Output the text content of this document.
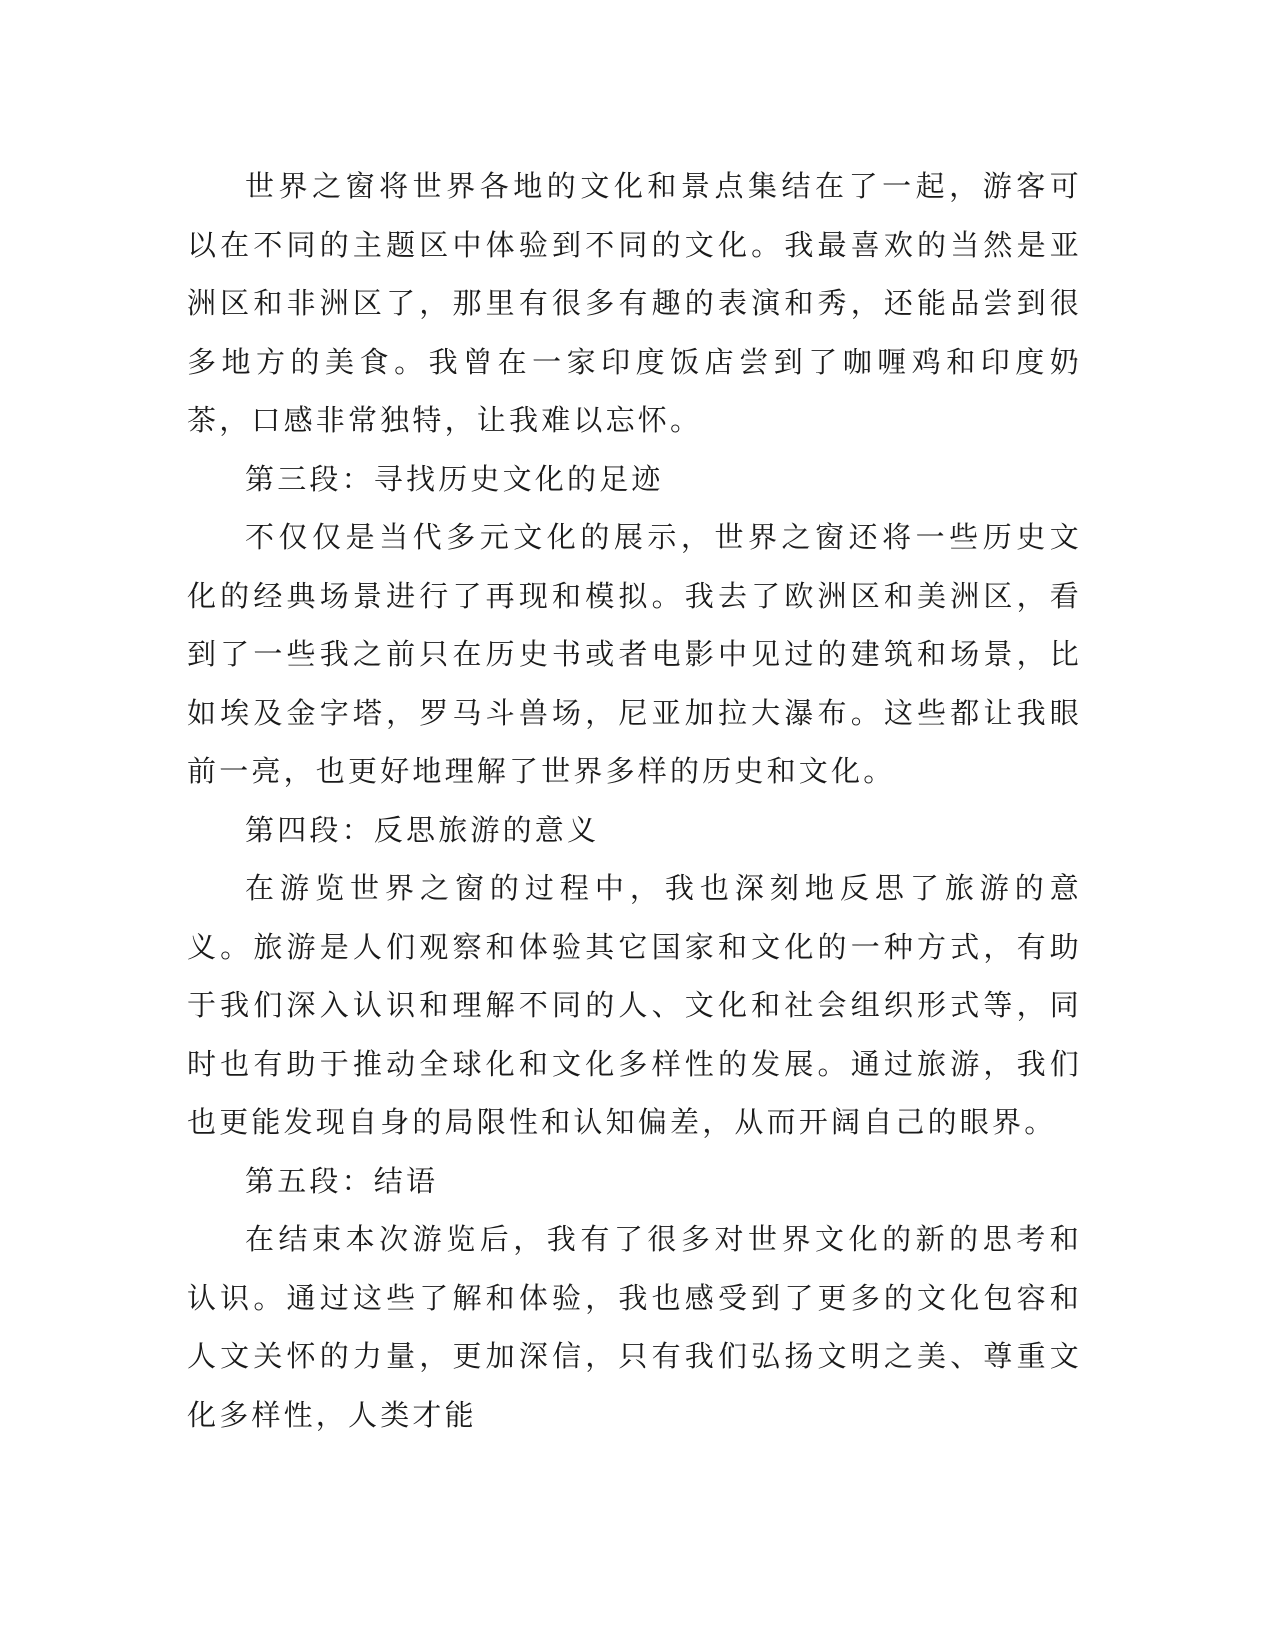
世界之窗将世界各地的文化和景点集结在了一起，游客可以在不同的主题区中体验到不同的文化。我最喜欢的当然是亚洲区和非洲区了，那里有很多有趣的表演和秀，还能品尝到很多地方的美食。我曾在一家印度饭店尝到了咖喱鸡和印度奶茶，口感非常独特，让我难以忘怀。

第三段：寻找历史文化的足迹

不仅仅是当代多元文化的展示，世界之窗还将一些历史文化的经典场景进行了再现和模拟。我去了欧洲区和美洲区，看到了一些我之前只在历史书或者电影中见过的建筑和场景，比如埃及金字塔，罗马斗兽场，尼亚加拉大瀑布。这些都让我眼前一亮，也更好地理解了世界多样的历史和文化。

第四段：反思旅游的意义

在游览世界之窗的过程中，我也深刻地反思了旅游的意义。旅游是人们观察和体验其它国家和文化的一种方式，有助于我们深入认识和理解不同的人、文化和社会组织形式等，同时也有助于推动全球化和文化多样性的发展。通过旅游，我们也更能发现自身的局限性和认知偏差，从而开阔自己的眼界。

第五段：结语

在结束本次游览后，我有了很多对世界文化的新的思考和认识。通过这些了解和体验，我也感受到了更多的文化包容和人文关怀的力量，更加深信，只有我们弘扬文明之美、尊重文化多样性，人类才能
